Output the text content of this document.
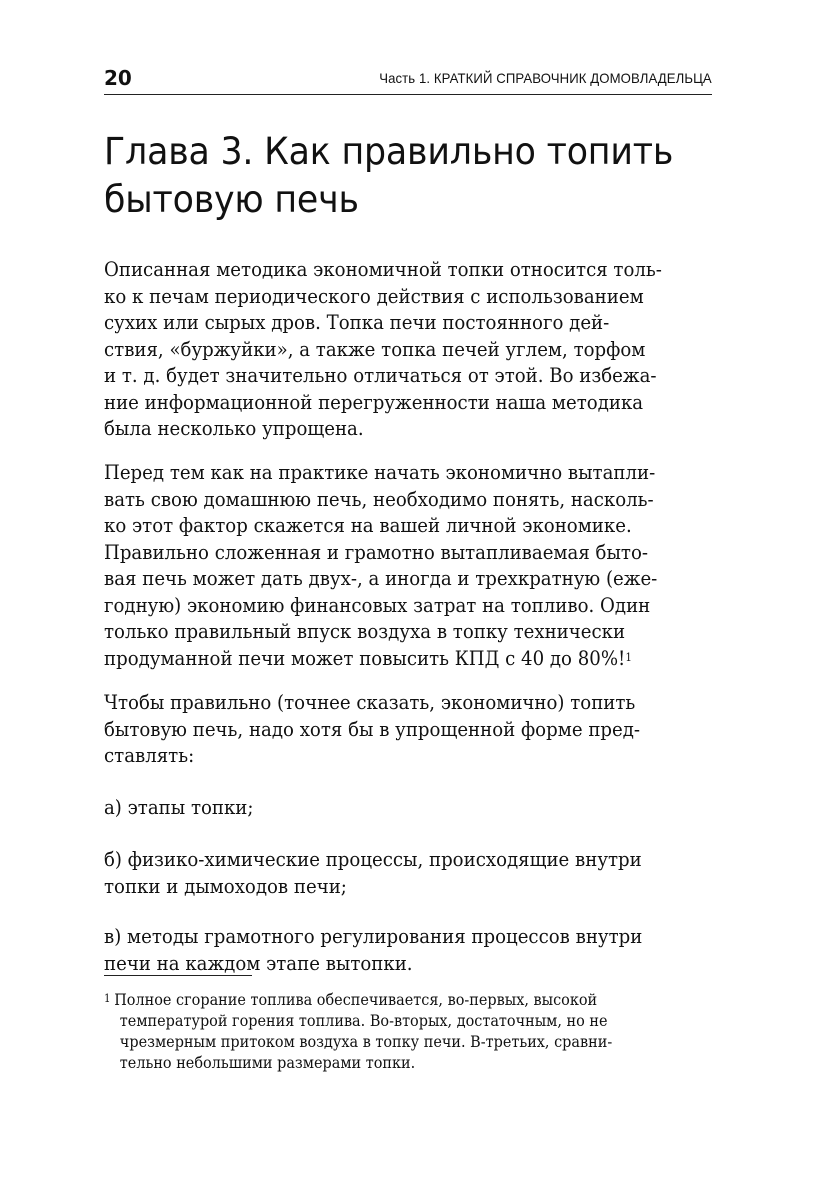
20	Часть 1. КРАТКИЙ СПРАВОЧНИК ДОМОВЛАДЕЛЬЦА
Глава 3. Как правильно топить
бытовую печь
Описанная методика экономичной топки относится толь-
ко к печам периодического действия с использованием
сухих или сырых дров. Топка печи постоянного дей-
ствия, «буржуйки», а также топка печей углем, торфом
и т. д. будет значительно отличаться от этой. Во избежа-
ние информационной перегруженности наша методика
была несколько упрощена.
Перед тем как на практике начать экономично вытапли-
вать свою домашнюю печь, необходимо понять, насколь-
ко этот фактор скажется на вашей личной экономике.
Правильно сложенная и грамотно вытапливаемая быто-
вая печь может дать двух-, а иногда и трехкратную (еже-
годную) экономию финансовых затрат на топливо. Один
только правильный впуск воздуха в топку технически
продуманной печи может повысить КПД с 40 до 80%!$^1$
Чтобы правильно (точнее сказать, экономично) топить
бытовую печь, надо хотя бы в упрощенной форме пред-
ставлять:
а) этапы топки;
б) физико-химические процессы, происходящие внутри
топки и дымоходов печи;
в) методы грамотного регулирования процессов внутри
печи на каждом этапе вытопки.
$^1$ Полное сгорание топлива обеспечивается, во-первых, высокой
температурой горения топлива. Во-вторых, достаточным, но не
чрезмерным притоком воздуха в топку печи. В-третьих, сравни-
тельно небольшими размерами топки.
